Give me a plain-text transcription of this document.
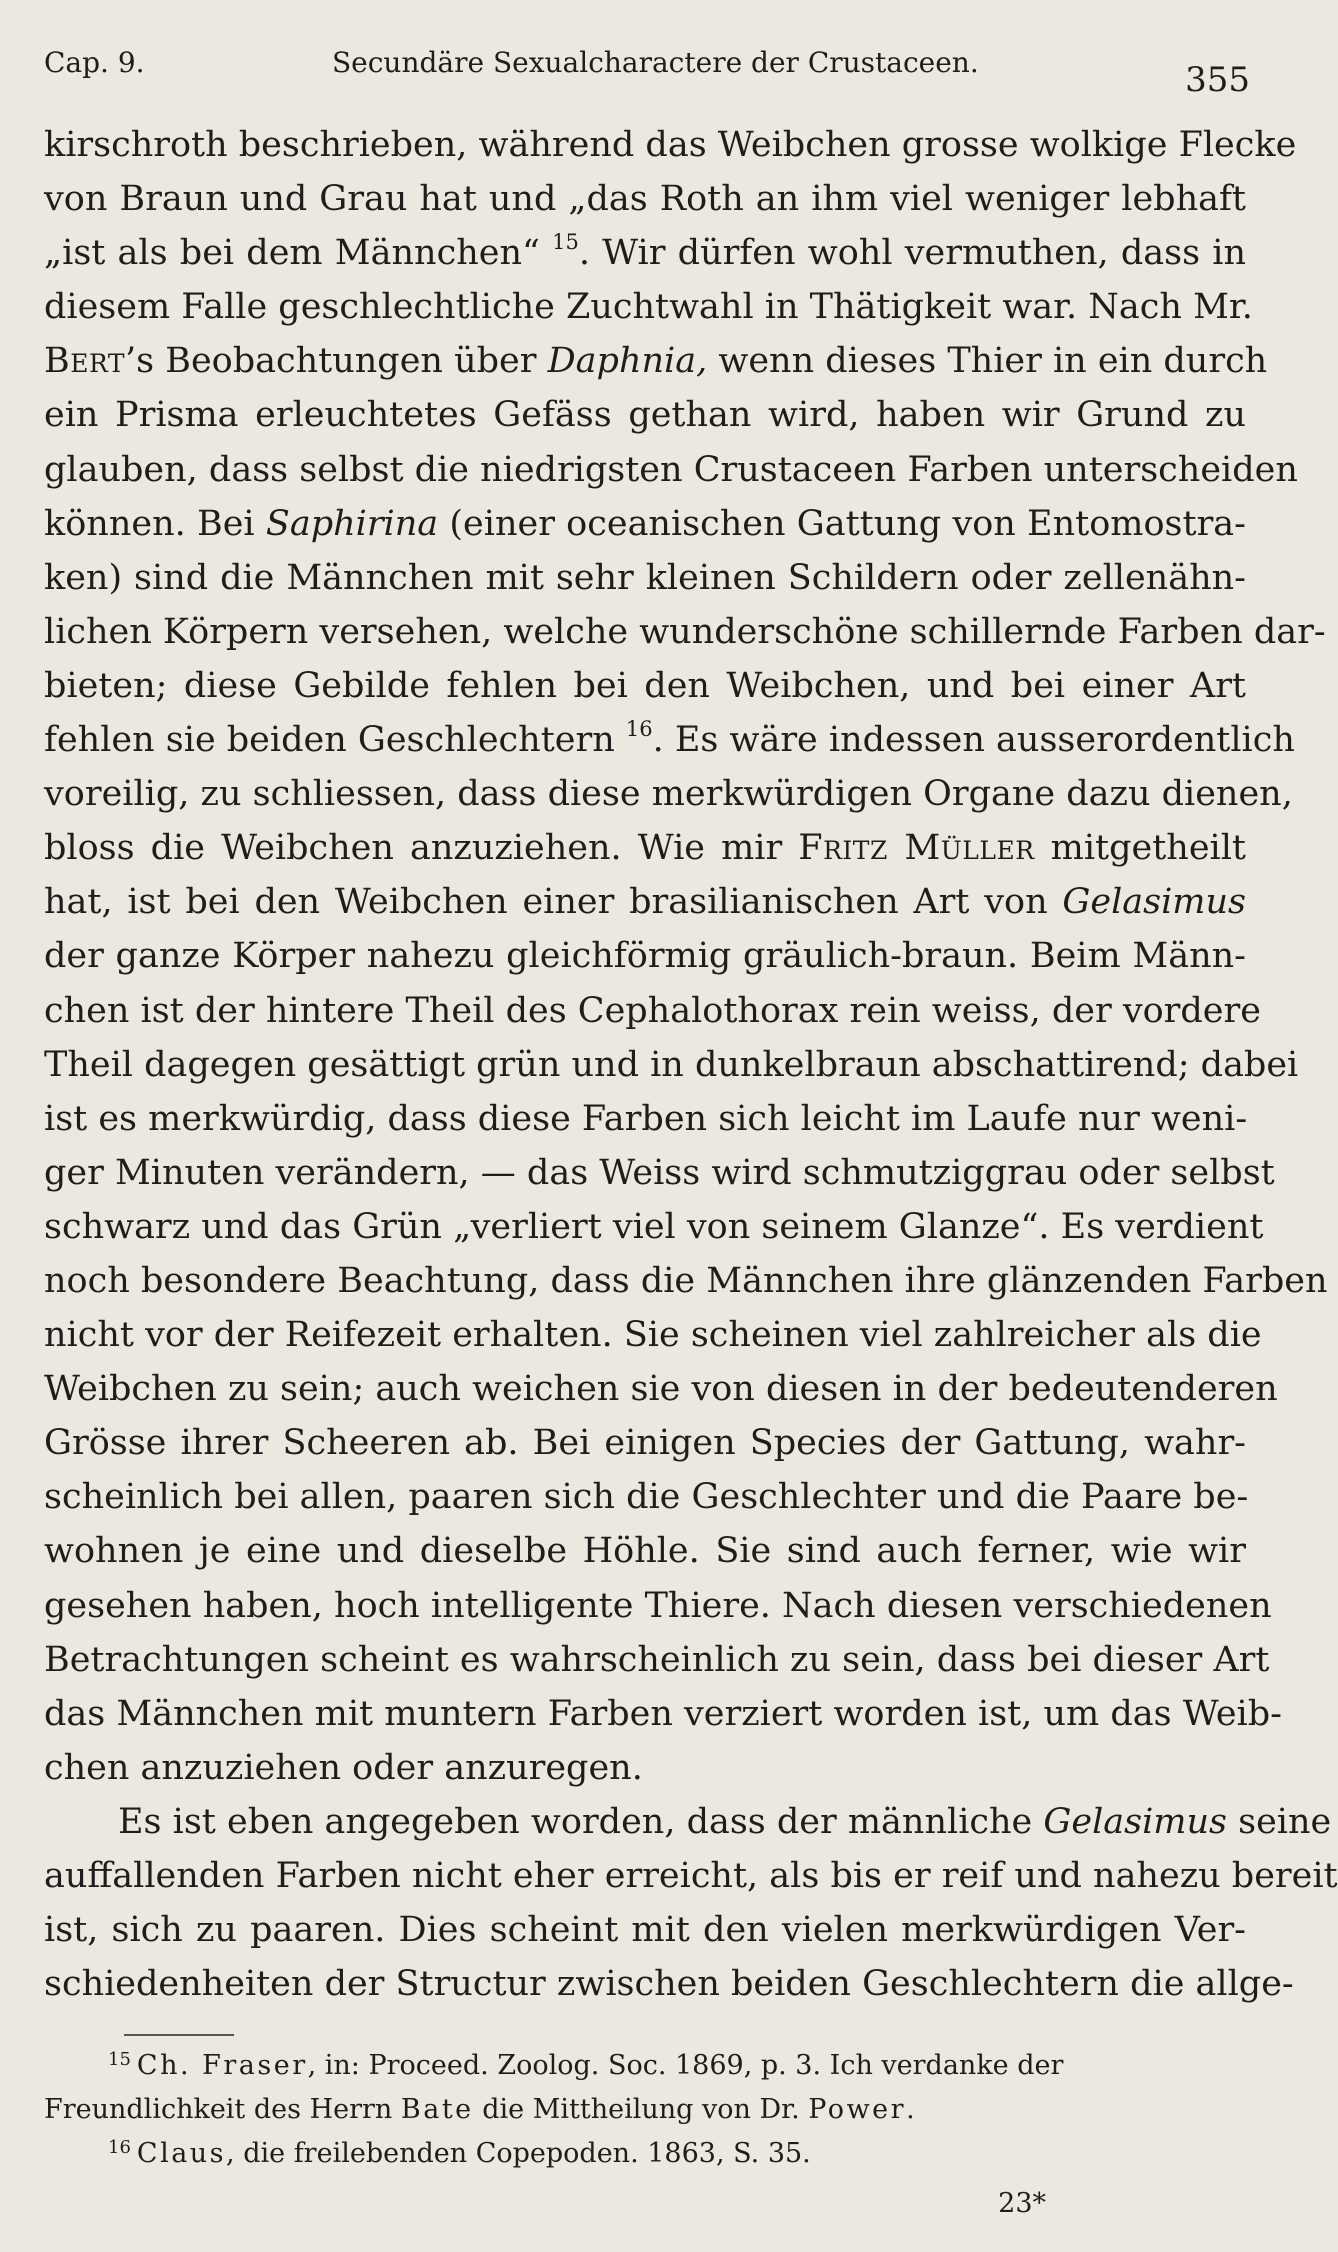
Cap. 9.	Secundäre Sexualcharactere der Crustaceen.	355
kirschroth beschrieben, während das Weibchen grosse wolkige Flecke
von Braun und Grau hat und „das Roth an ihm viel weniger lebhaft
„ist als bei dem Männchen“ $^{15}$. Wir dürfen wohl vermuthen, dass in
diesem Falle geschlechtliche Zuchtwahl in Thätigkeit war. Nach Mr.
Bert’s Beobachtungen über Daphnia, wenn dieses Thier in ein durch
ein Prisma erleuchtetes Gefäss gethan wird, haben wir Grund zu
glauben, dass selbst die niedrigsten Crustaceen Farben unterscheiden
können. Bei Saphirina (einer oceanischen Gattung von Entomostra-
ken) sind die Männchen mit sehr kleinen Schildern oder zellenähn-
lichen Körpern versehen, welche wunderschöne schillernde Farben dar-
bieten; diese Gebilde fehlen bei den Weibchen, und bei einer Art
fehlen sie beiden Geschlechtern $^{16}$. Es wäre indessen ausserordentlich
voreilig, zu schliessen, dass diese merkwürdigen Organe dazu dienen,
bloss die Weibchen anzuziehen. Wie mir Fritz Müller mitgetheilt
hat, ist bei den Weibchen einer brasilianischen Art von Gelasimus
der ganze Körper nahezu gleichförmig gräulich-braun. Beim Männ-
chen ist der hintere Theil des Cephalothorax rein weiss, der vordere
Theil dagegen gesättigt grün und in dunkelbraun abschattirend; dabei
ist es merkwürdig, dass diese Farben sich leicht im Laufe nur weni-
ger Minuten verändern, — das Weiss wird schmutziggrau oder selbst
schwarz und das Grün „verliert viel von seinem Glanze“. Es verdient
noch besondere Beachtung, dass die Männchen ihre glänzenden Farben
nicht vor der Reifezeit erhalten. Sie scheinen viel zahlreicher als die
Weibchen zu sein; auch weichen sie von diesen in der bedeutenderen
Grösse ihrer Scheeren ab. Bei einigen Species der Gattung, wahr-
scheinlich bei allen, paaren sich die Geschlechter und die Paare be-
wohnen je eine und dieselbe Höhle. Sie sind auch ferner, wie wir
gesehen haben, hoch intelligente Thiere. Nach diesen verschiedenen
Betrachtungen scheint es wahrscheinlich zu sein, dass bei dieser Art
das Männchen mit muntern Farben verziert worden ist, um das Weib-
chen anzuziehen oder anzuregen.
Es ist eben angegeben worden, dass der männliche Gelasimus seine
auffallenden Farben nicht eher erreicht, als bis er reif und nahezu bereit
ist, sich zu paaren. Dies scheint mit den vielen merkwürdigen Ver-
schiedenheiten der Structur zwischen beiden Geschlechtern die allge-
$^{15}$ Ch. Fraser, in: Proceed. Zoolog. Soc. 1869, p. 3. Ich verdanke der
Freundlichkeit des Herrn Bate die Mittheilung von Dr. Power.
$^{16}$ Claus, die freilebenden Copepoden. 1863, S. 35.
23*
